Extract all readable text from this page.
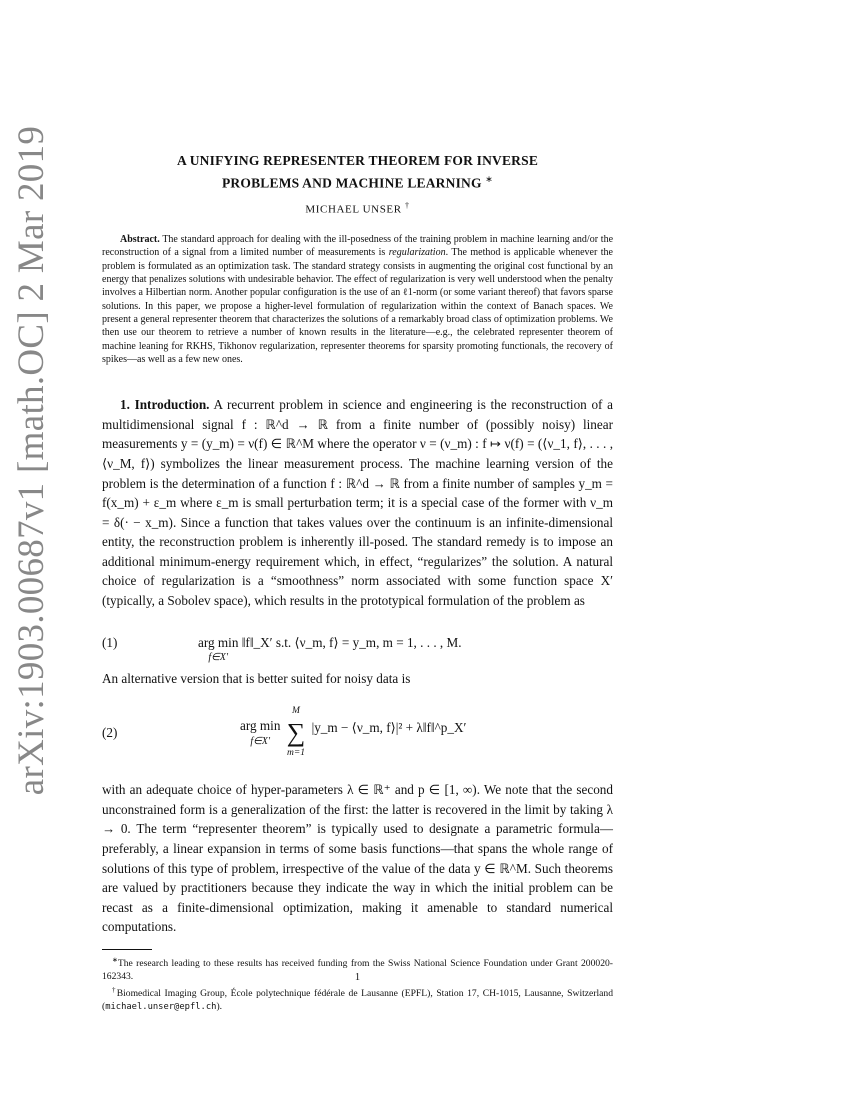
arXiv:1903.00687v1 [math.OC] 2 Mar 2019	A UNIFYING REPRESENTER THEOREM FOR INVERSE
PROBLEMS AND MACHINE LEARNING ∗
MICHAEL UNSER †
Abstract. The standard approach for dealing with the ill-posedness of the training problem in machine learning and/or the reconstruction of a signal from a limited number of measurements is regularization. The method is applicable whenever the problem is formulated as an optimization task. The standard strategy consists in augmenting the original cost functional by an energy that penalizes solutions with undesirable behavior. The effect of regularization is very well understood when the penalty involves a Hilbertian norm. Another popular configuration is the use of an ℓ1-norm (or some variant thereof) that favors sparse solutions. In this paper, we propose a higher-level formulation of regularization within the context of Banach spaces. We present a general representer theorem that characterizes the solutions of a remarkably broad class of optimization problems. We then use our theorem to retrieve a number of known results in the literature—e.g., the celebrated representer theorem of machine leaning for RKHS, Tikhonov regularization, representer theorems for sparsity promoting functionals, the recovery of spikes—as well as a few new ones.

1. Introduction. A recurrent problem in science and engineering is the reconstruction of a multidimensional signal f : ℝ^d → ℝ from a finite number of (possibly noisy) linear measurements y = (y_m) = ν(f) ∈ ℝ^M where the operator ν = (ν_m) : f ↦ ν(f) = (⟨ν_1, f⟩, . . . , ⟨ν_M, f⟩) symbolizes the linear measurement process. The machine learning version of the problem is the determination of a function f : ℝ^d → ℝ from a finite number of samples y_m = f(x_m) + ε_m where ε_m is small perturbation term; it is a special case of the former with ν_m = δ(· − x_m). Since a function that takes values over the continuum is an infinite-dimensional entity, the reconstruction problem is inherently ill-posed. The standard remedy is to impose an additional minimum-energy requirement which, in effect, “regularizes” the solution. A natural choice of regularization is a “smoothness” norm associated with some function space X′ (typically, a Sobolev space), which results in the prototypical formulation of the problem as

(1)	arg min
f∈X′
‖f‖_X′ s.t. ⟨ν_m, f⟩ = y_m, m = 1, . . . , M.

An alternative version that is better suited for noisy data is

(2)	arg min
f∈X′

M
∑
m=1
|y_m − ⟨ν_m, f⟩|² + λ‖f‖^p_X′

with an adequate choice of hyper-parameters λ ∈ ℝ⁺ and p ∈ [1, ∞). We note that the second unconstrained form is a generalization of the first: the latter is recovered in the limit by taking λ → 0. The term “representer theorem” is typically used to designate a parametric formula—preferably, a linear expansion in terms of some basis functions—that spans the whole range of solutions of this type of problem, irrespective of the value of the data y ∈ ℝ^M. Such theorems are valued by practitioners because they indicate the way in which the initial problem can be recast as a finite-dimensional optimization, making it amenable to standard numerical computations.

∗The research leading to these results has received funding from the Swiss National Science Foundation under Grant 200020-162343.

†Biomedical Imaging Group, École polytechnique fédérale de Lausanne (EPFL), Station 17, CH-1015, Lausanne, Switzerland (michael.unser@epfl.ch).

1
